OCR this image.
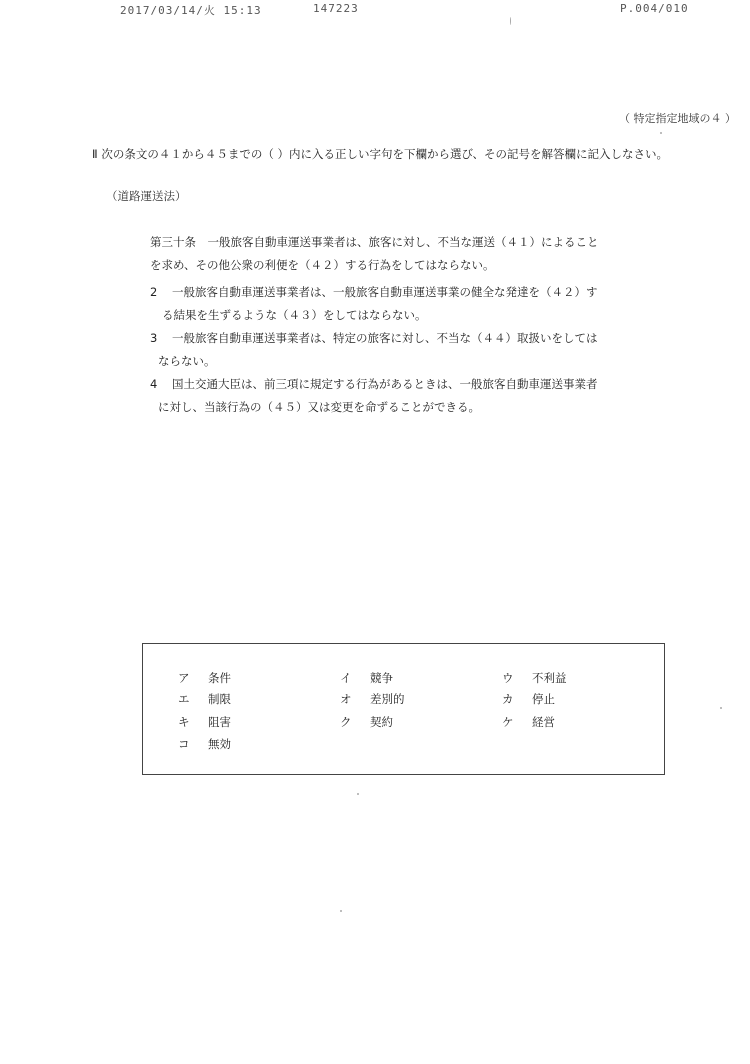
2017/03/14/火 15:13	147223	P.004/010
（ 特定指定地域の４ ）
Ⅱ 次の条文の４１から４５までの（ ）内に入る正しい字句を下欄から選び、その記号を解答欄に記入しなさい。
（道路運送法）
第三十条　一般旅客自動車運送事業者は、旅客に対し、不当な運送（４１）によること
を求め、その他公衆の利便を（４２）する行為をしてはならない。
2 一般旅客自動車運送事業者は、一般旅客自動車運送事業の健全な発達を（４２）す
る結果を生ずるような（４３）をしてはならない。
3 一般旅客自動車運送事業者は、特定の旅客に対し、不当な（４４）取扱いをしては
ならない。
4 国土交通大臣は、前三項に規定する行為があるときは、一般旅客自動車運送事業者
に対し、当該行為の（４５）又は変更を命ずることができる。
ア 条件	イ 競争	ウ 不利益
エ 制限	オ 差別的	カ 停止
キ 阻害	ク 契約	ケ 経営
コ 無効
